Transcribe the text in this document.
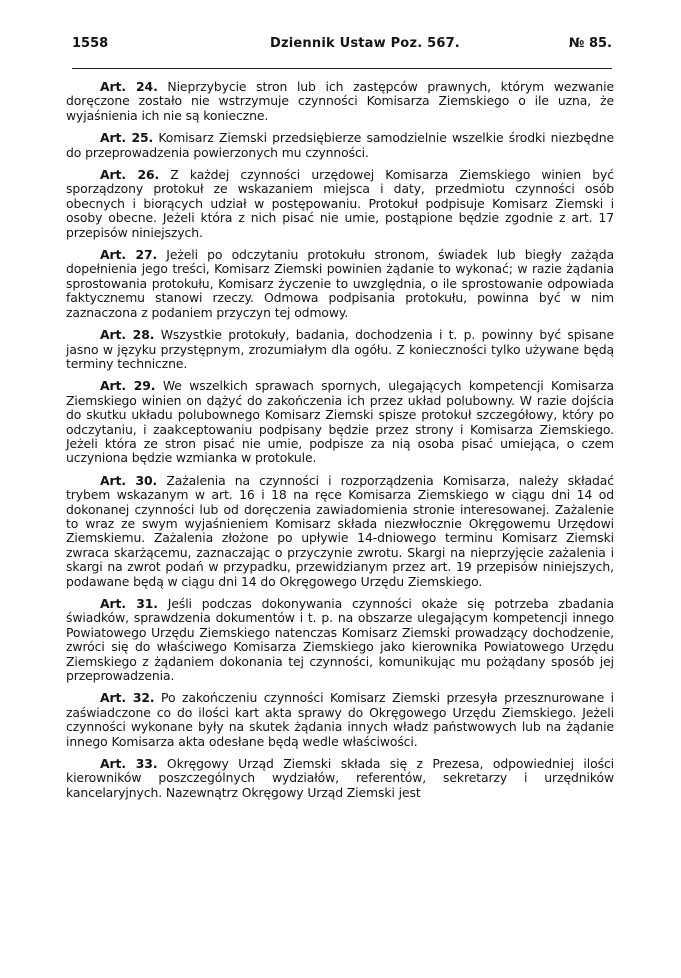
1558	Dziennik Ustaw Poz. 567.	№ 85.

Art. 24. Nieprzybycie stron lub ich zastępców prawnych, którym wezwanie doręczone zostało nie wstrzymuje czynności Komisarza Ziemskiego o ile uzna, że wyjaśnienia ich nie są konieczne.

Art. 25. Komisarz Ziemski przedsiębierze samodzielnie wszelkie środki niezbędne do przeprowadzenia powierzonych mu czynności.

Art. 26. Z każdej czynności urzędowej Komisarza Ziemskiego winien być sporządzony protokuł ze wskazaniem miejsca i daty, przedmiotu czynności osób obecnych i biorących udział w postępowaniu. Protokuł podpisuje Komisarz Ziemski i osoby obecne. Jeżeli która z nich pisać nie umie, postąpione będzie zgodnie z art. 17 przepisów niniejszych.

Art. 27. Jeżeli po odczytaniu protokułu stronom, świadek lub biegły zażąda dopełnienia jego treści, Komisarz Ziemski powinien żądanie to wykonać; w razie żądania sprostowania protokułu, Komisarz życzenie to uwzględnia, o ile sprostowanie odpowiada faktycznemu stanowi rzeczy. Odmowa podpisania protokułu, powinna być w nim zaznaczona z podaniem przyczyn tej odmowy.

Art. 28. Wszystkie protokuły, badania, dochodzenia i t. p. powinny być spisane jasno w języku przystępnym, zrozumiałym dla ogółu. Z konieczności tylko używane będą terminy techniczne.

Art. 29. We wszelkich sprawach spornych, ulegających kompetencji Komisarza Ziemskiego winien on dążyć do zakończenia ich przez układ polubowny. W razie dojścia do skutku układu polubownego Komisarz Ziemski spisze protokuł szczegółowy, który po odczytaniu, i zaakceptowaniu podpisany będzie przez strony i Komisarza Ziemskiego. Jeżeli która ze stron pisać nie umie, podpisze za nią osoba pisać umiejąca, o czem uczyniona będzie wzmianka w protokule.

Art. 30. Zażalenia na czynności i rozporządzenia Komisarza, należy składać trybem wskazanym w art. 16 i 18 na ręce Komisarza Ziemskiego w ciągu dni 14 od dokonanej czynności lub od doręczenia zawiadomienia stronie interesowanej. Zażalenie to wraz ze swym wyjaśnieniem Komisarz składa niezwłocznie Okręgowemu Urzędowi Ziemskiemu. Zażalenia złożone po upływie 14-dniowego terminu Komisarz Ziemski zwraca skarżącemu, zaznaczając o przyczynie zwrotu. Skargi na nieprzyjęcie zażalenia i skargi na zwrot podań w przypadku, przewidzianym przez art. 19 przepisów niniejszych, podawane będą w ciągu dni 14 do Okręgowego Urzędu Ziemskiego.

Art. 31. Jeśli podczas dokonywania czynności okaże się potrzeba zbadania świadków, sprawdzenia dokumentów i t. p. na obszarze ulegającym kompetencji innego Powiatowego Urzędu Ziemskiego natenczas Komisarz Ziemski prowadzący dochodzenie, zwróci się do właściwego Komisarza Ziemskiego jako kierownika Powiatowego Urzędu Ziemskiego z żądaniem dokonania tej czynności, komunikując mu pożądany sposób jej przeprowadzenia.

Art. 32. Po zakończeniu czynności Komisarz Ziemski przesyła przesznurowane i zaświadczone co do ilości kart akta sprawy do Okręgowego Urzędu Ziemskiego. Jeżeli czynności wykonane były na skutek żądania innych władz państwowych lub na żądanie innego Komisarza akta odesłane będą wedle właściwości.

Art. 33. Okręgowy Urząd Ziemski składa się z Prezesa, odpowiedniej ilości kierowników poszczególnych wydziałów, referentów, sekretarzy i urzędników kancelaryjnych. Nazewnątrz Okręgowy Urząd Ziemski jest
